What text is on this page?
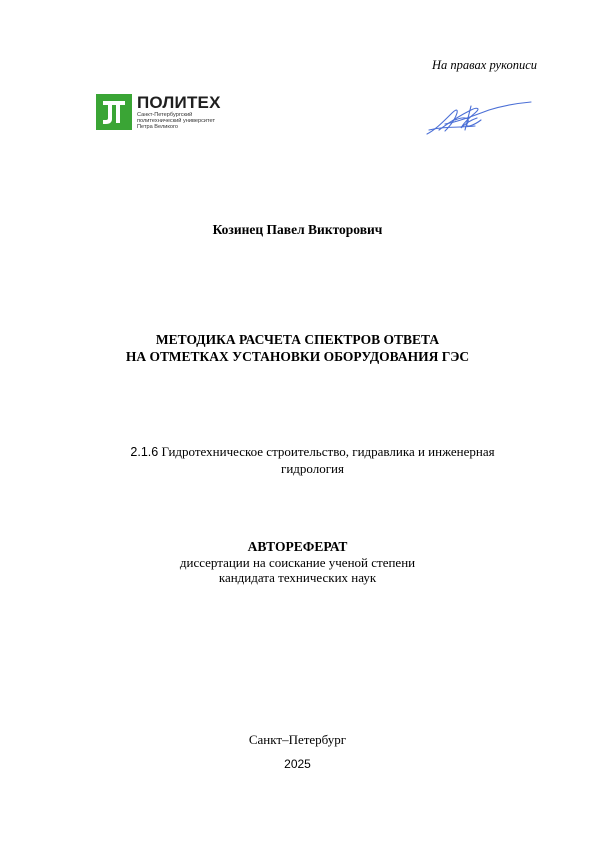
На правах рукописи
ПОЛИТЕХ
Санкт-Петербургский
политехнический университет
Петра Великого
Козинец Павел Викторович
МЕТОДИКА РАСЧЕТА СПЕКТРОВ ОТВЕТА
НА ОТМЕТКАХ УСТАНОВКИ ОБОРУДОВАНИЯ ГЭС
2.1.6 Гидротехническое строительство, гидравлика и инженерная гидрология
АВТОРЕФЕРАТ
диссертации на соискание ученой степени
кандидата технических наук
Санкт–Петербург
2025
